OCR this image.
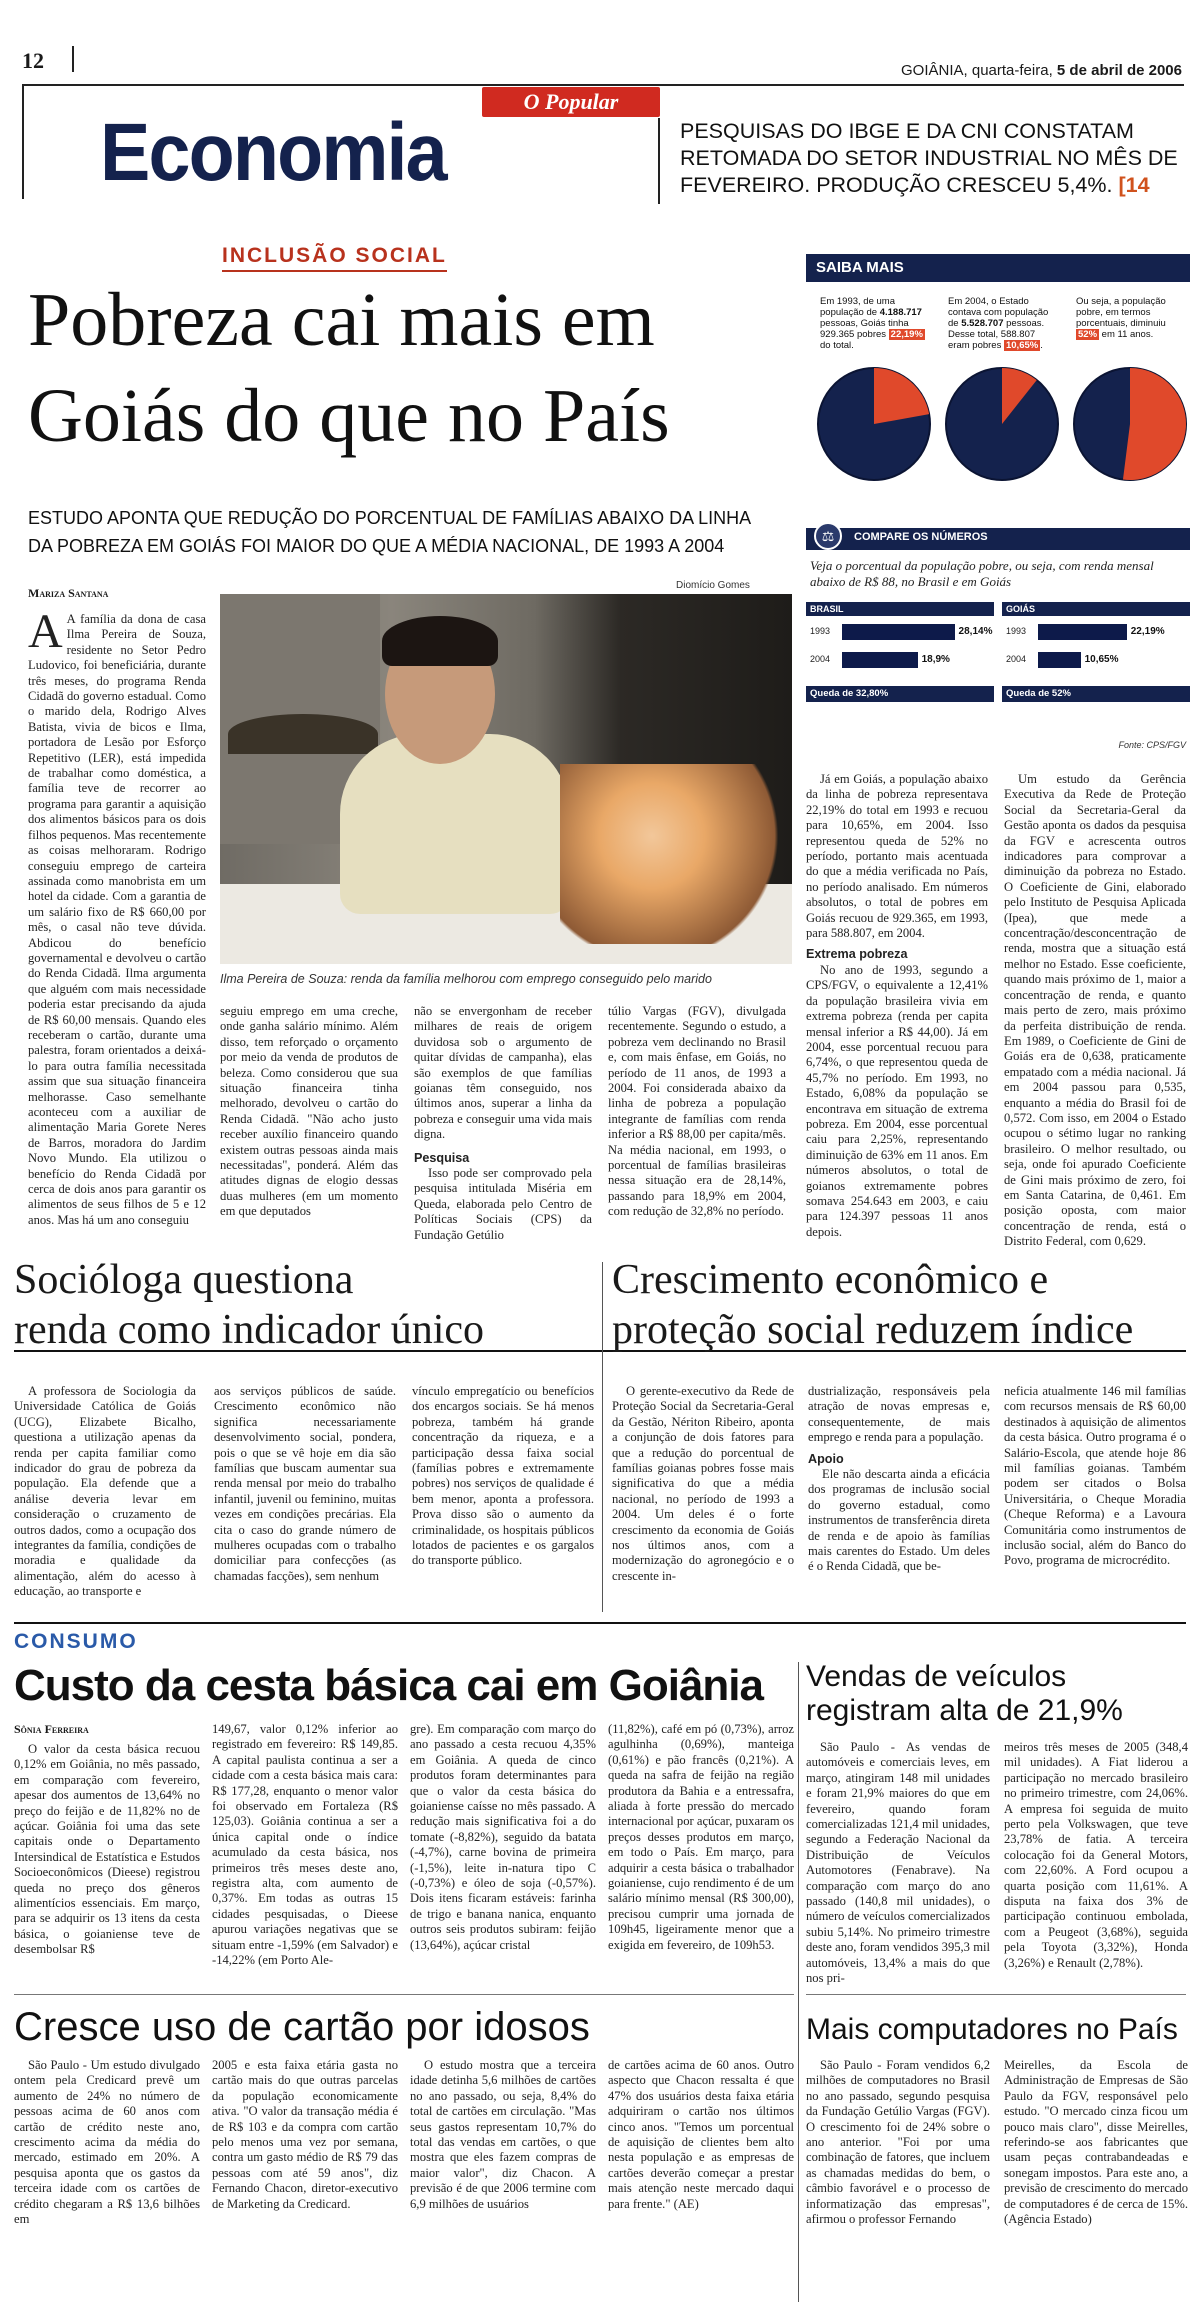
12	GOIÂNIA, quarta-feira, 5 de abril de 2006
O Popular
Economia	PESQUISAS DO IBGE E DA CNI CONSTATAM RETOMADA DO SETOR INDUSTRIAL NO MÊS DE FEVEREIRO. PRODUÇÃO CRESCEU 5,4%. [14
INCLUSÃO SOCIAL
Pobreza cai mais em
Goiás do que no País
ESTUDO APONTA QUE REDUÇÃO DO PORCENTUAL DE FAMÍLIAS ABAIXO DA LINHA DA POBREZA EM GOIÁS FOI MAIOR DO QUE A MÉDIA NACIONAL, DE 1993 A 2004
Mariza Santana
Diomício Gomes
Ilma Pereira de Souza: renda da família melhorou com emprego conseguido pelo marido

A A família da dona de casa Ilma Pereira de Souza, residente no Setor Pedro Ludovico, foi beneficiária, durante três meses, do programa Renda Cidadã do governo estadual. Como o marido dela, Rodrigo Alves Batista, vivia de bicos e Ilma, portadora de Lesão por Esforço Repetitivo (LER), está impedida de trabalhar como doméstica, a família teve de recorrer ao programa para garantir a aquisição dos alimentos básicos para os dois filhos pequenos. Mas recentemente as coisas melhoraram. Rodrigo conseguiu emprego de carteira assinada como manobrista em um hotel da cidade. Com a garantia de um salário fixo de R$ 660,00 por mês, o casal não teve dúvida. Abdicou do benefício governamental e devolveu o cartão do Renda Cidadã. Ilma argumenta que alguém com mais necessidade poderia estar precisando da ajuda de R$ 60,00 mensais. Quando eles receberam o cartão, durante uma palestra, foram orientados a deixá-lo para outra família necessitada assim que sua situação financeira melhorasse. Caso semelhante aconteceu com a auxiliar de alimentação Maria Gorete Neres de Barros, moradora do Jardim Novo Mundo. Ela utilizou o benefício do Renda Cidadã por cerca de dois anos para garantir os alimentos de seus filhos de 5 e 12 anos. Mas há um ano conseguiu

seguiu emprego em uma creche, onde ganha salário mínimo. Além disso, tem reforçado o orçamento por meio da venda de produtos de beleza. Como considerou que sua situação financeira tinha melhorado, devolveu o cartão do Renda Cidadã. "Não acho justo receber auxílio financeiro quando existem outras pessoas ainda mais necessitadas", ponderá. Além das atitudes dignas de elogio dessas duas mulheres (em um momento em que deputados

não se envergonham de receber milhares de reais de origem duvidosa sob o argumento de quitar dívidas de campanha), elas são exemplos de que famílias goianas têm conseguido, nos últimos anos, superar a linha da pobreza e conseguir uma vida mais digna.

Pesquisa

Isso pode ser comprovado pela pesquisa intitulada Miséria em Queda, elaborada pelo Centro de Políticas Sociais (CPS) da Fundação Getúlio

túlio Vargas (FGV), divulgada recentemente. Segundo o estudo, a pobreza vem declinando no Brasil e, com mais ênfase, em Goiás, no período de 11 anos, de 1993 a 2004. Foi considerada abaixo da linha de pobreza a população integrante de famílias com renda inferior a R$ 88,00 per capita/mês. Na média nacional, em 1993, o porcentual de famílias brasileiras nessa situação era de 28,14%, passando para 18,9% em 2004, com redução de 32,8% no período.

Já em Goiás, a população abaixo da linha de pobreza representava 22,19% do total em 1993 e recuou para 10,65%, em 2004. Isso representou queda de 52% no período, portanto mais acentuada do que a média verificada no País, no período analisado. Em números absolutos, o total de pobres em Goiás recuou de 929.365, em 1993, para 588.807, em 2004.

Extrema pobreza

No ano de 1993, segundo a CPS/FGV, o equivalente a 12,41% da população brasileira vivia em extrema pobreza (renda per capita mensal inferior a R$ 44,00). Já em 2004, esse porcentual recuou para 6,74%, o que representou queda de 45,7% no período. Em 1993, no Estado, 6,08% da população se encontrava em situação de extrema pobreza. Em 2004, esse porcentual caiu para 2,25%, representando diminuição de 63% em 11 anos. Em números absolutos, o total de goianos extremamente pobres somava 254.643 em 2003, e caiu para 124.397 pessoas 11 anos depois.

Um estudo da Gerência Executiva da Rede de Proteção Social da Secretaria-Geral da Gestão aponta os dados da pesquisa da FGV e acrescenta outros indicadores para comprovar a diminuição da pobreza no Estado. O Coeficiente de Gini, elaborado pelo Instituto de Pesquisa Aplicada (Ipea), que mede a concentração/desconcentração de renda, mostra que a situação está melhor no Estado. Esse coeficiente, quando mais próximo de 1, maior a concentração de renda, e quanto mais perto de zero, mais próximo da perfeita distribuição de renda. Em 1989, o Coeficiente de Gini de Goiás era de 0,638, praticamente empatado com a média nacional. Já em 2004 passou para 0,535, enquanto a média do Brasil foi de 0,572. Com isso, em 2004 o Estado ocupou o sétimo lugar no ranking brasileiro. O melhor resultado, ou seja, onde foi apurado Coeficiente de Gini mais próximo de zero, foi em Santa Catarina, de 0,461. Em posição oposta, com maior concentração de renda, está o Distrito Federal, com 0,629.

SAIBA MAIS
Em 1993, de uma população de 4.188.717 pessoas, Goiás tinha 929.365 pobres 22,19% do total.
Em 2004, o Estado contava com população de 5.528.707 pessoas. Desse total, 588.807 eram pobres 10,65% .
Ou seja, a população pobre, em termos porcentuais, diminuiu 52% em 11 anos.
⚖	COMPARE OS NÚMEROS
Veja o porcentual da população pobre, ou seja, com renda mensal abaixo de R$ 88, no Brasil e em Goiás
BRASIL
1993	28,14%
2004	18,9%
Queda de 32,80%
GOIÁS
1993	22,19%
2004	10,65%
Queda de 52%
Fonte: CPS/FGV
Socióloga questiona
renda como indicador único

A professora de Sociologia da Universidade Católica de Goiás (UCG), Elizabete Bicalho, questiona a utilização apenas da renda per capita familiar como indicador do grau de pobreza da população. Ela defende que a análise deveria levar em consideração o cruzamento de outros dados, como a ocupação dos integrantes da família, condições de moradia e qualidade da alimentação, além do acesso à educação, ao transporte e

aos serviços públicos de saúde. Crescimento econômico não significa necessariamente desenvolvimento social, pondera, pois o que se vê hoje em dia são famílias que buscam aumentar sua renda mensal por meio do trabalho infantil, juvenil ou feminino, muitas vezes em condições precárias. Ela cita o caso do grande número de mulheres ocupadas com o trabalho domiciliar para confecções (as chamadas facções), sem nenhum

vínculo empregatício ou benefícios dos encargos sociais. Se há menos pobreza, também há grande concentração da riqueza, e a participação dessa faixa social (famílias pobres e extremamente pobres) nos serviços de qualidade é bem menor, aponta a professora. Prova disso são o aumento da criminalidade, os hospitais públicos lotados de pacientes e os gargalos do transporte público.

Crescimento econômico e
proteção social reduzem índice

O gerente-executivo da Rede de Proteção Social da Secretaria-Geral da Gestão, Nériton Ribeiro, aponta a conjunção de dois fatores para que a redução do porcentual de famílias goianas pobres fosse mais significativa do que a média nacional, no período de 1993 a 2004. Um deles é o forte crescimento da economia de Goiás nos últimos anos, com a modernização do agronegócio e o crescente in-

dustrialização, responsáveis pela atração de novas empresas e, consequentemente, de mais emprego e renda para a população.

Apoio

Ele não descarta ainda a eficácia dos programas de inclusão social do governo estadual, como instrumentos de transferência direta de renda e de apoio às famílias mais carentes do Estado. Um deles é o Renda Cidadã, que be-

neficia atualmente 146 mil famílias com recursos mensais de R$ 60,00 destinados à aquisição de alimentos da cesta básica. Outro programa é o Salário-Escola, que atende hoje 86 mil famílias goianas. Também podem ser citados o Bolsa Universitária, o Cheque Moradia (Cheque Reforma) e a Lavoura Comunitária como instrumentos de inclusão social, além do Banco do Povo, programa de microcrédito.

CONSUMO
Custo da cesta básica cai em Goiânia
Sônia Ferreira

O valor da cesta básica recuou 0,12% em Goiânia, no mês passado, em comparação com fevereiro, apesar dos aumentos de 13,64% no preço do feijão e de 11,82% no de açúcar. Goiânia foi uma das sete capitais onde o Departamento Intersindical de Estatística e Estudos Socioeconômicos (Dieese) registrou queda no preço dos gêneros alimentícios essenciais. Em março, para se adquirir os 13 itens da cesta básica, o goianiense teve de desembolsar R$

149,67, valor 0,12% inferior ao registrado em fevereiro: R$ 149,85. A capital paulista continua a ser a cidade com a cesta básica mais cara: R$ 177,28, enquanto o menor valor foi observado em Fortaleza (R$ 125,03). Goiânia continua a ser a única capital onde o índice acumulado da cesta básica, nos primeiros três meses deste ano, registra alta, com aumento de 0,37%. Em todas as outras 15 cidades pesquisadas, o Dieese apurou variações negativas que se situam entre -1,59% (em Salvador) e -14,22% (em Porto Ale-

gre). Em comparação com março do ano passado a cesta recuou 4,35% em Goiânia. A queda de cinco produtos foram determinantes para que o valor da cesta básica do goianiense caísse no mês passado. A redução mais significativa foi a do tomate (-8,82%), seguido da batata (-4,7%), carne bovina de primeira (-1,5%), leite in-natura tipo C (-0,73%) e óleo de soja (-0,57%). Dois itens ficaram estáveis: farinha de trigo e banana nanica, enquanto outros seis produtos subiram: feijão (13,64%), açúcar cristal

(11,82%), café em pó (0,73%), arroz agulhinha (0,69%), manteiga (0,61%) e pão francês (0,21%). A queda na safra de feijão na região produtora da Bahia e a entressafra, aliada à forte pressão do mercado internacional por açúcar, puxaram os preços desses produtos em março, em todo o País. Em março, para adquirir a cesta básica o trabalhador goianiense, cujo rendimento é de um salário mínimo mensal (R$ 300,00), precisou cumprir uma jornada de 109h45, ligeiramente menor que a exigida em fevereiro, de 109h53.

Vendas de veículos
registram alta de 21,9%

São Paulo - As vendas de automóveis e comerciais leves, em março, atingiram 148 mil unidades e foram 21,9% maiores do que em fevereiro, quando foram comercializadas 121,4 mil unidades, segundo a Federação Nacional da Distribuição de Veículos Automotores (Fenabrave). Na comparação com março do ano passado (140,8 mil unidades), o número de veículos comercializados subiu 5,14%. No primeiro trimestre deste ano, foram vendidos 395,3 mil automóveis, 13,4% a mais do que nos pri-

meiros três meses de 2005 (348,4 mil unidades). A Fiat liderou a participação no mercado brasileiro no primeiro trimestre, com 24,06%. A empresa foi seguida de muito perto pela Volkswagen, que teve 23,78% de fatia. A terceira colocação foi da General Motors, com 22,60%. A Ford ocupou a quarta posição com 11,61%. A disputa na faixa dos 3% de participação continuou embolada, com a Peugeot (3,68%), seguida pela Toyota (3,32%), Honda (3,26%) e Renault (2,78%).

Cresce uso de cartão por idosos

São Paulo - Um estudo divulgado ontem pela Credicard prevê um aumento de 24% no número de pessoas acima de 60 anos com cartão de crédito neste ano, crescimento acima da média do mercado, estimado em 20%. A pesquisa aponta que os gastos da terceira idade com os cartões de crédito chegaram a R$ 13,6 bilhões em

2005 e esta faixa etária gasta no cartão mais do que outras parcelas da população economicamente ativa. "O valor da transação média é de R$ 103 e da compra com cartão pelo menos uma vez por semana, contra um gasto médio de R$ 79 das pessoas com até 59 anos", diz Fernando Chacon, diretor-executivo de Marketing da Credicard.

O estudo mostra que a terceira idade detinha 5,6 milhões de cartões no ano passado, ou seja, 8,4% do total de cartões em circulação. "Mas seus gastos representam 10,7% do total das vendas em cartões, o que mostra que eles fazem compras de maior valor", diz Chacon. A previsão é de que 2006 termine com 6,9 milhões de usuários

de cartões acima de 60 anos. Outro aspecto que Chacon ressalta é que 47% dos usuários desta faixa etária adquiriram o cartão nos últimos cinco anos. "Temos um porcentual de aquisição de clientes bem alto nesta população e as empresas de cartões deverão começar a prestar mais atenção neste mercado daqui para frente." (AE)

Mais computadores no País

São Paulo - Foram vendidos 6,2 milhões de computadores no Brasil no ano passado, segundo pesquisa da Fundação Getúlio Vargas (FGV). O crescimento foi de 24% sobre o ano anterior. "Foi por uma combinação de fatores, que incluem as chamadas medidas do bem, o câmbio favorável e o processo de informatização das empresas", afirmou o professor Fernando

Meirelles, da Escola de Administração de Empresas de São Paulo da FGV, responsável pelo estudo. "O mercado cinza ficou um pouco mais claro", disse Meirelles, referindo-se aos fabricantes que usam peças contrabandeadas e sonegam impostos. Para este ano, a previsão de crescimento do mercado de computadores é de cerca de 15%. (Agência Estado)
